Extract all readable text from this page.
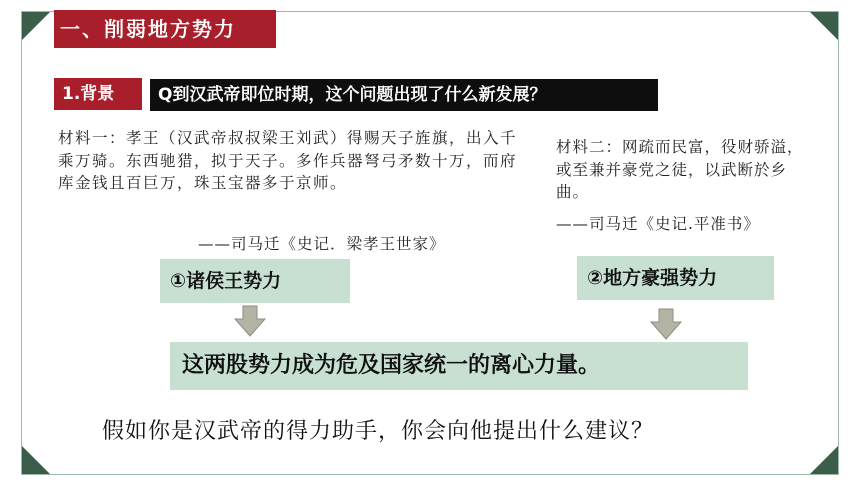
一、削弱地方势力
1.背景	Q到汉武帝即位时期，这个问题出现了什么新发展？
材料一：孝王（汉武帝叔叔梁王刘武）得赐天子旌旗，出入千乘万骑。东西驰猎，拟于天子。多作兵器弩弓矛数十万，而府库金钱且百巨万，珠玉宝器多于京师。
——司马迁《史记．梁孝王世家》
材料二：网疏而民富，役财骄溢，或至兼并豪党之徒，以武断於乡曲。
——司马迁《史记.平准书》
①诸侯王势力	②地方豪强势力
这两股势力成为危及国家统一的离心力量。
假如你是汉武帝的得力助手，你会向他提出什么建议？
